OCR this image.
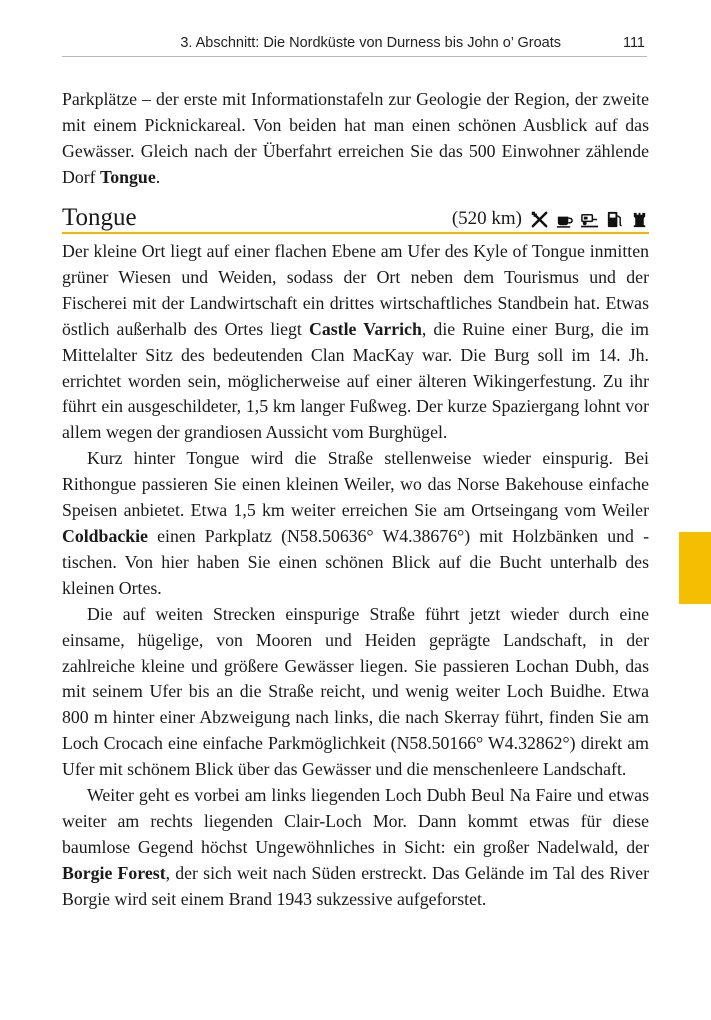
3. Abschnitt: Die Nordküste von Durness bis John o’ Groats	111

Parkplätze – der erste mit Informationstafeln zur Geologie der Region, der zweite mit einem Picknickareal. Von beiden hat man einen schönen Ausblick auf das Gewässer. Gleich nach der Überfahrt erreichen Sie das 500 Einwohner zählende Dorf Tongue.

Tongue	(520 km)

Der kleine Ort liegt auf einer flachen Ebene am Ufer des Kyle of Tongue inmitten grüner Wiesen und Weiden, sodass der Ort neben dem Tourismus und der Fischerei mit der Landwirtschaft ein drittes wirtschaftliches Standbein hat. Etwas östlich außerhalb des Ortes liegt Castle Varrich, die Ruine einer Burg, die im Mittelalter Sitz des bedeutenden Clan MacKay war. Die Burg soll im 14. Jh. errichtet worden sein, möglicherweise auf einer älteren Wikingerfestung. Zu ihr führt ein ausgeschildeter, 1,5 km langer Fußweg. Der kurze Spaziergang lohnt vor allem wegen der grandiosen Aussicht vom Burghügel.

Kurz hinter Tongue wird die Straße stellenweise wieder einspurig. Bei Rithongue passieren Sie einen kleinen Weiler, wo das Norse Bakehouse einfache Speisen anbietet. Etwa 1,5 km weiter erreichen Sie am Ortseingang vom Weiler Coldbackie einen Parkplatz (N58.50636° W4.38676°) mit Holzbänken und -tischen. Von hier haben Sie einen schönen Blick auf die Bucht unterhalb des kleinen Ortes.

Die auf weiten Strecken einspurige Straße führt jetzt wieder durch eine einsame, hügelige, von Mooren und Heiden geprägte Landschaft, in der zahlreiche kleine und größere Gewässer liegen. Sie passieren Lochan Dubh, das mit seinem Ufer bis an die Straße reicht, und wenig weiter Loch Buidhe. Etwa 800 m hinter einer Abzweigung nach links, die nach Skerray führt, finden Sie am Loch Crocach eine einfache Parkmöglichkeit (N58.50166° W4.32862°) direkt am Ufer mit schönem Blick über das Gewässer und die menschenleere Landschaft.

Weiter geht es vorbei am links liegenden Loch Dubh Beul Na Faire und etwas weiter am rechts liegenden Clair-Loch Mor. Dann kommt etwas für diese baumlose Gegend höchst Ungewöhnliches in Sicht: ein großer Nadelwald, der Borgie Forest, der sich weit nach Süden erstreckt. Das Gelände im Tal des River Borgie wird seit einem Brand 1943 sukzessive aufgeforstet.
